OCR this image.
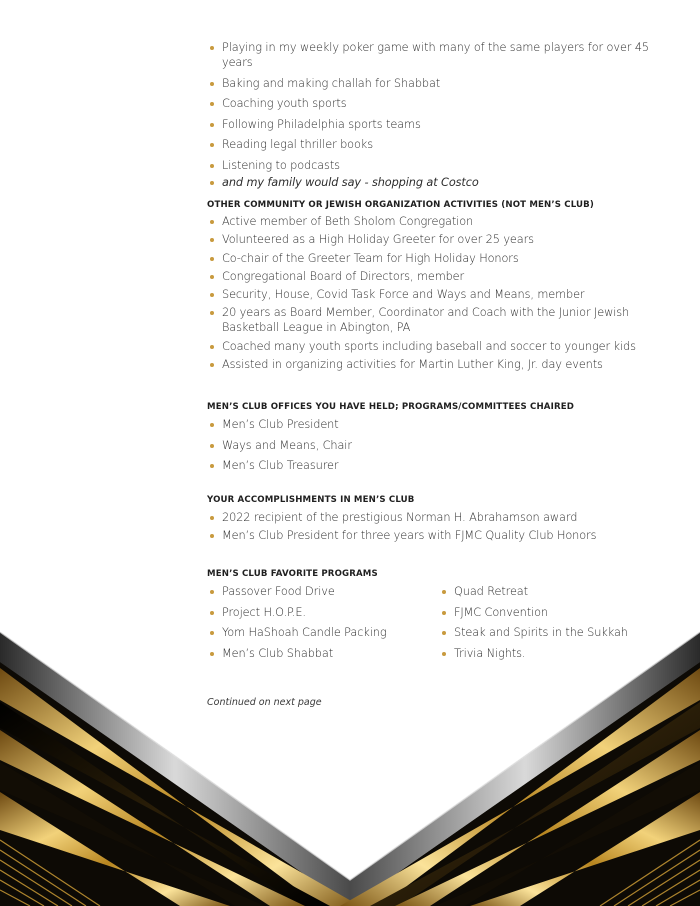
Playing in my weekly poker game with many of the same players for over 45 years
Baking and making challah for Shabbat
Coaching youth sports
Following Philadelphia sports teams
Reading legal thriller books
Listening to podcasts
and my family would say - shopping at Costco
OTHER COMMUNITY OR JEWISH ORGANIZATION ACTIVITIES (NOT MEN’S CLUB)
Active member of Beth Sholom Congregation
Volunteered as a High Holiday Greeter for over 25 years
Co-chair of the Greeter Team for High Holiday Honors
Congregational Board of Directors, member
Security, House, Covid Task Force and Ways and Means, member
20 years as Board Member, Coordinator and Coach with the Junior Jewish Basketball League in Abington, PA
Coached many youth sports including baseball and soccer to younger kids
Assisted in organizing activities for Martin Luther King, Jr. day events
MEN’S CLUB OFFICES YOU HAVE HELD; PROGRAMS/COMMITTEES CHAIRED
Men’s Club President
Ways and Means, Chair
Men’s Club Treasurer
YOUR ACCOMPLISHMENTS IN MEN’S CLUB
2022 recipient of the prestigious Norman H. Abrahamson award
Men’s Club President for three years with FJMC Quality Club Honors
MEN’S CLUB FAVORITE PROGRAMS
Passover Food Drive
Project H.O.P.E.
Yom HaShoah Candle Packing
Men’s Club Shabbat
Quad Retreat
FJMC Convention
Steak and Spirits in the Sukkah
Trivia Nights.
Continued on next page
